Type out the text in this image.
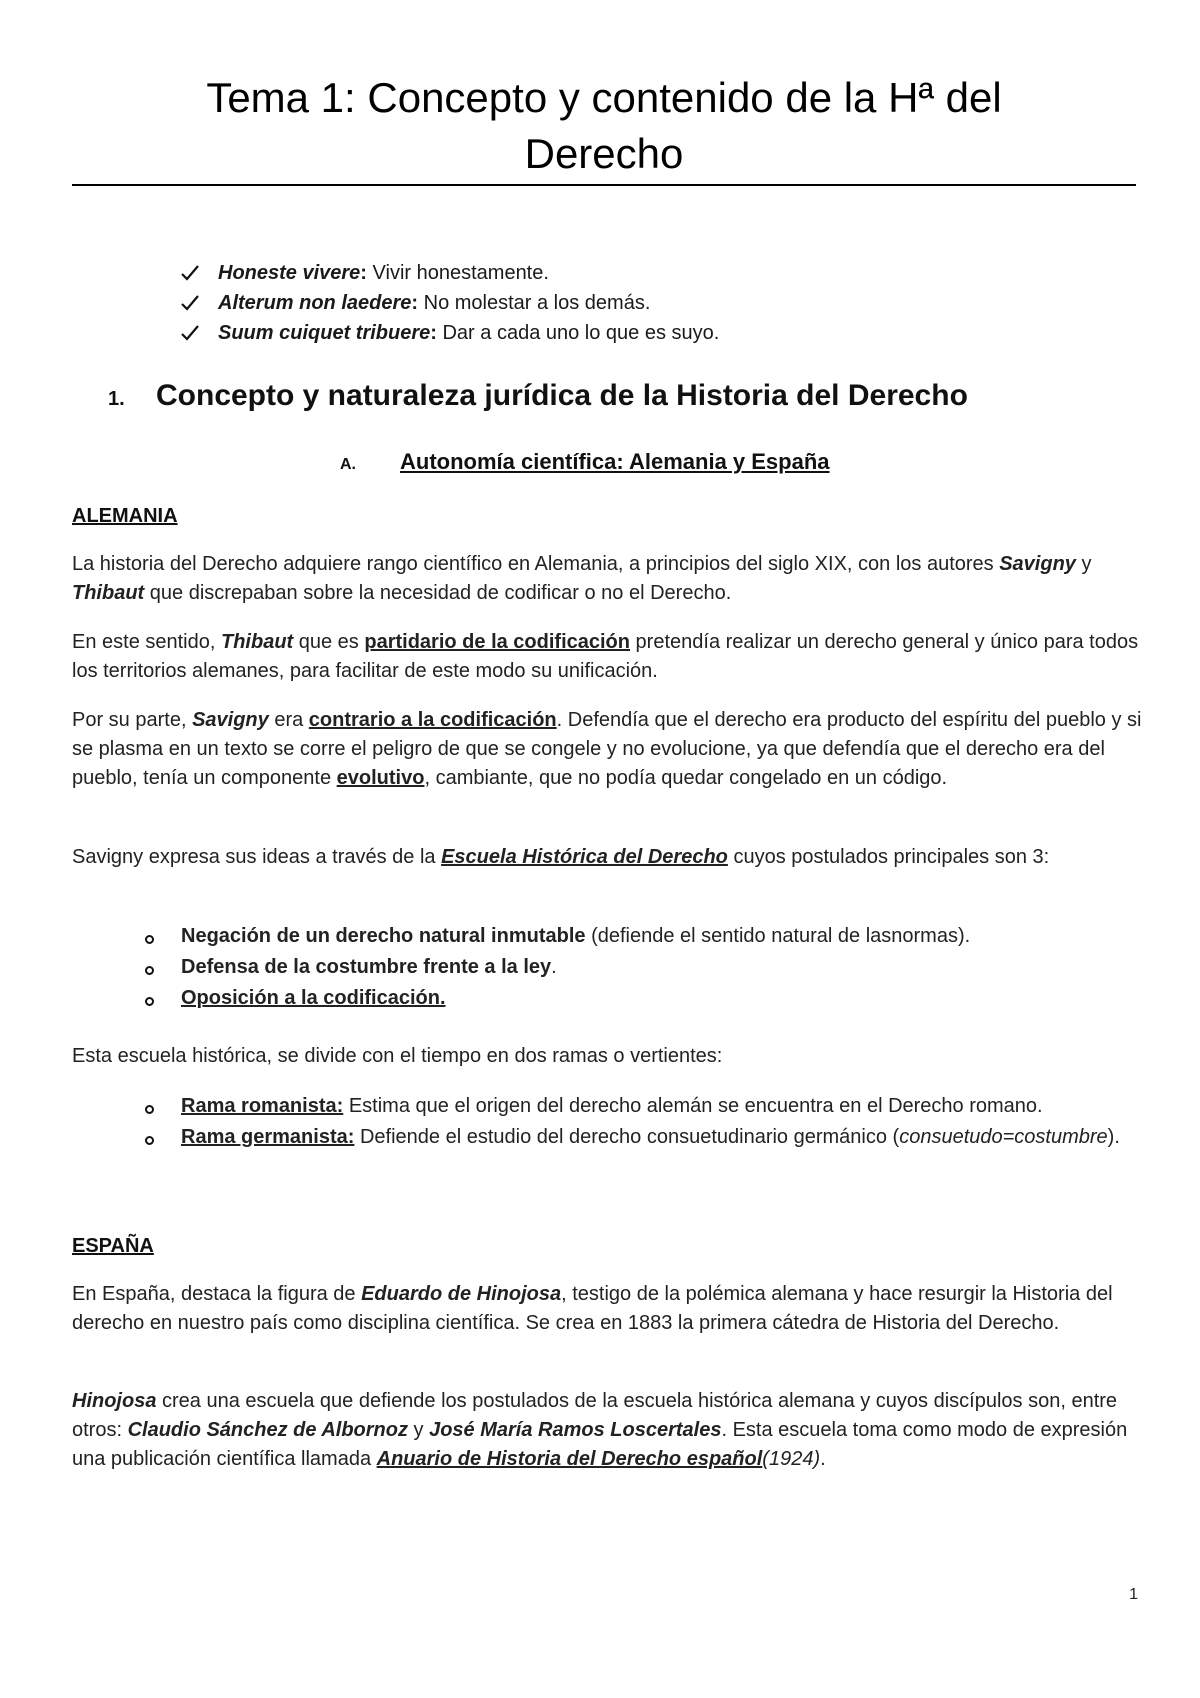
Tema 1: Concepto y contenido de la Hª del
Derecho
Honeste vivere: Vivir honestamente.
Alterum non laedere: No molestar a los demás.
Suum cuiquet tribuere: Dar a cada uno lo que es suyo.
1. Concepto y naturaleza jurídica de la Historia del Derecho
A. Autonomía científica: Alemania y España
ALEMANIA

La historia del Derecho adquiere rango científico en Alemania, a principios del siglo XIX, con los autores Savigny y Thibaut que discrepaban sobre la necesidad de codificar o no el Derecho.

En este sentido, Thibaut que es partidario de la codificación pretendía realizar un derecho general y único para todos los territorios alemanes, para facilitar de este modo su unificación.

Por su parte, Savigny era contrario a la codificación. Defendía que el derecho era producto del espíritu del pueblo y si se plasma en un texto se corre el peligro de que se congele y no evolucione, ya que defendía que el derecho era del pueblo, tenía un componente evolutivo, cambiante, que no podía quedar congelado en un código.

Savigny expresa sus ideas a través de la Escuela Histórica del Derecho cuyos postulados principales son 3:

Negación de un derecho natural inmutable (defiende el sentido natural de lasnormas).
Defensa de la costumbre frente a la ley.
Oposición a la codificación.

Esta escuela histórica, se divide con el tiempo en dos ramas o vertientes:

Rama romanista: Estima que el origen del derecho alemán se encuentra en el Derecho romano.
Rama germanista: Defiende el estudio del derecho consuetudinario germánico (consuetudo=costumbre).
ESPAÑA

En España, destaca la figura de Eduardo de Hinojosa, testigo de la polémica alemana y hace resurgir la Historia del derecho en nuestro país como disciplina científica. Se crea en 1883 la primera cátedra de Historia del Derecho.

Hinojosa crea una escuela que defiende los postulados de la escuela histórica alemana y cuyos discípulos son, entre otros: Claudio Sánchez de Albornoz y José María Ramos Loscertales. Esta escuela toma como modo de expresión una publicación científica llamada Anuario de Historia del Derecho español(1924).

1
